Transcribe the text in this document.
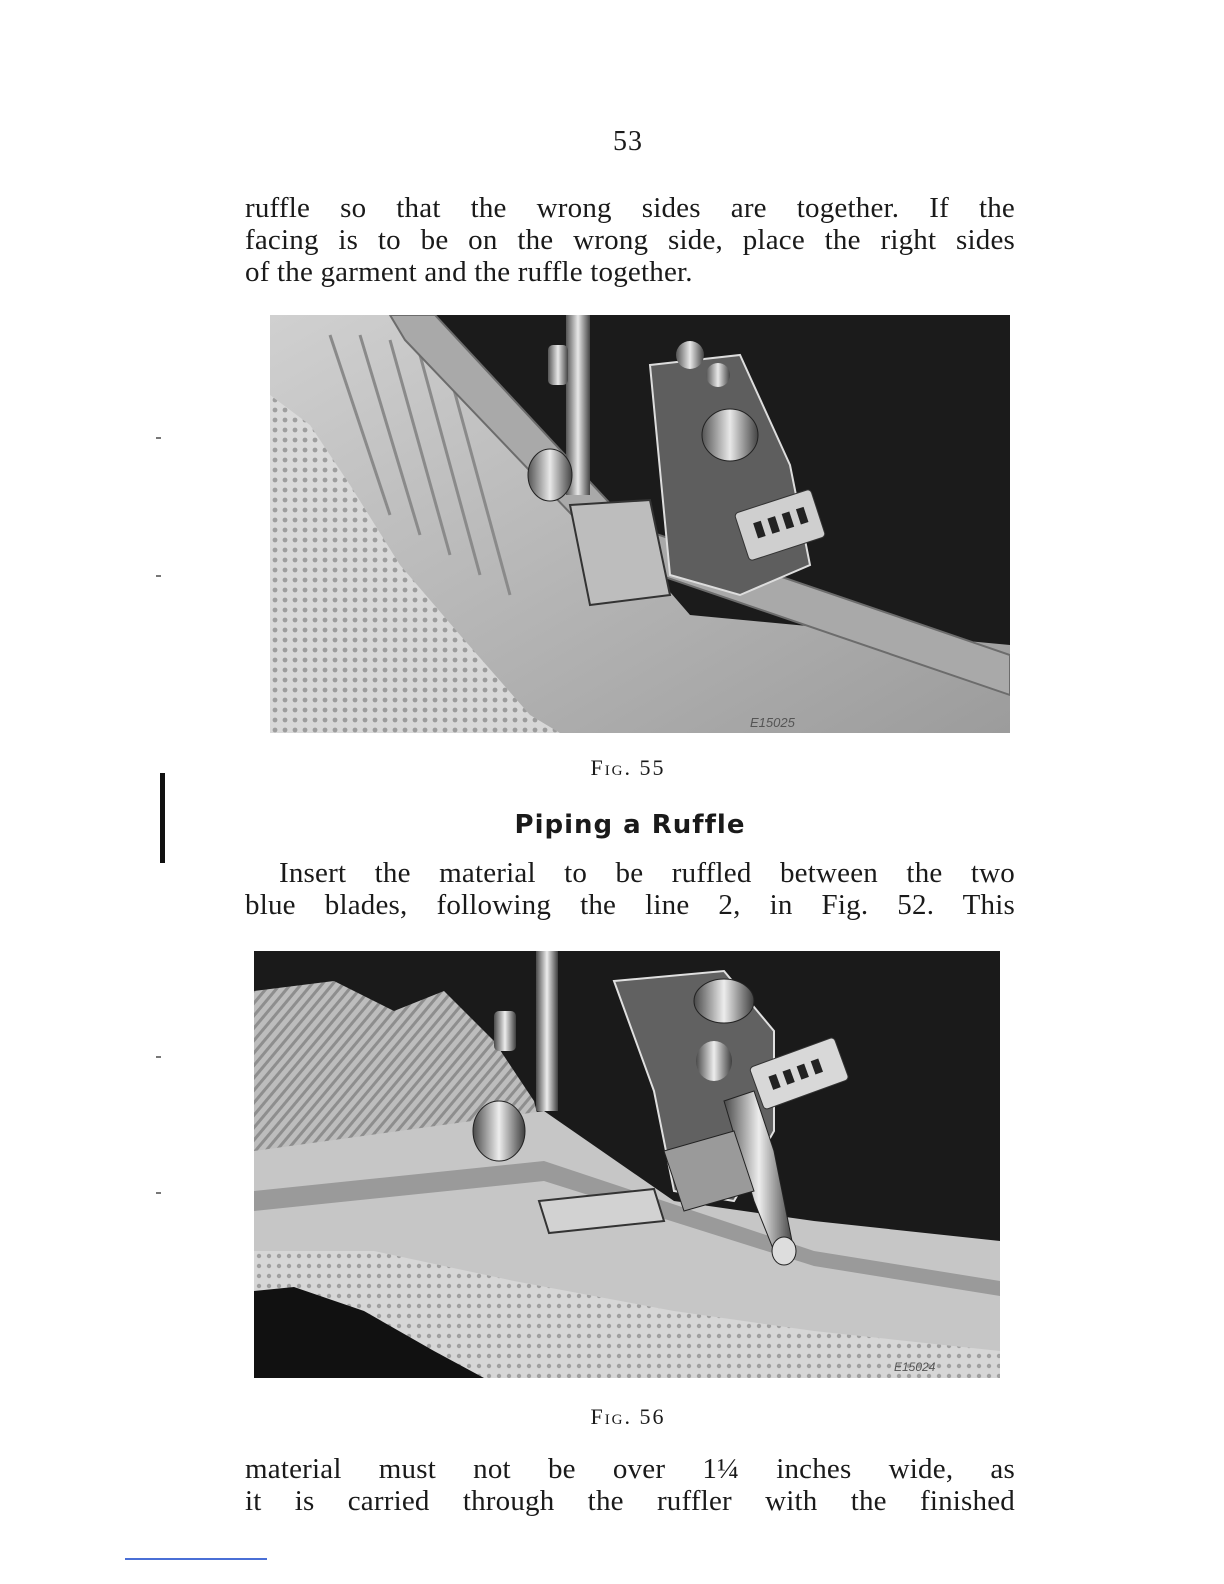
53
ruffle so that the wrong sides are together. If the
facing is to be on the wrong side, place the right sides
of the garment and the ruffle together.
E15025
Fig. 55
Piping a Ruffle
Insert the material to be ruffled between the two
blue blades, following the line 2, in Fig. 52. This
E15024
Fig. 56
material must not be over 1¼ inches wide, as
it is carried through the ruffler with the finished
